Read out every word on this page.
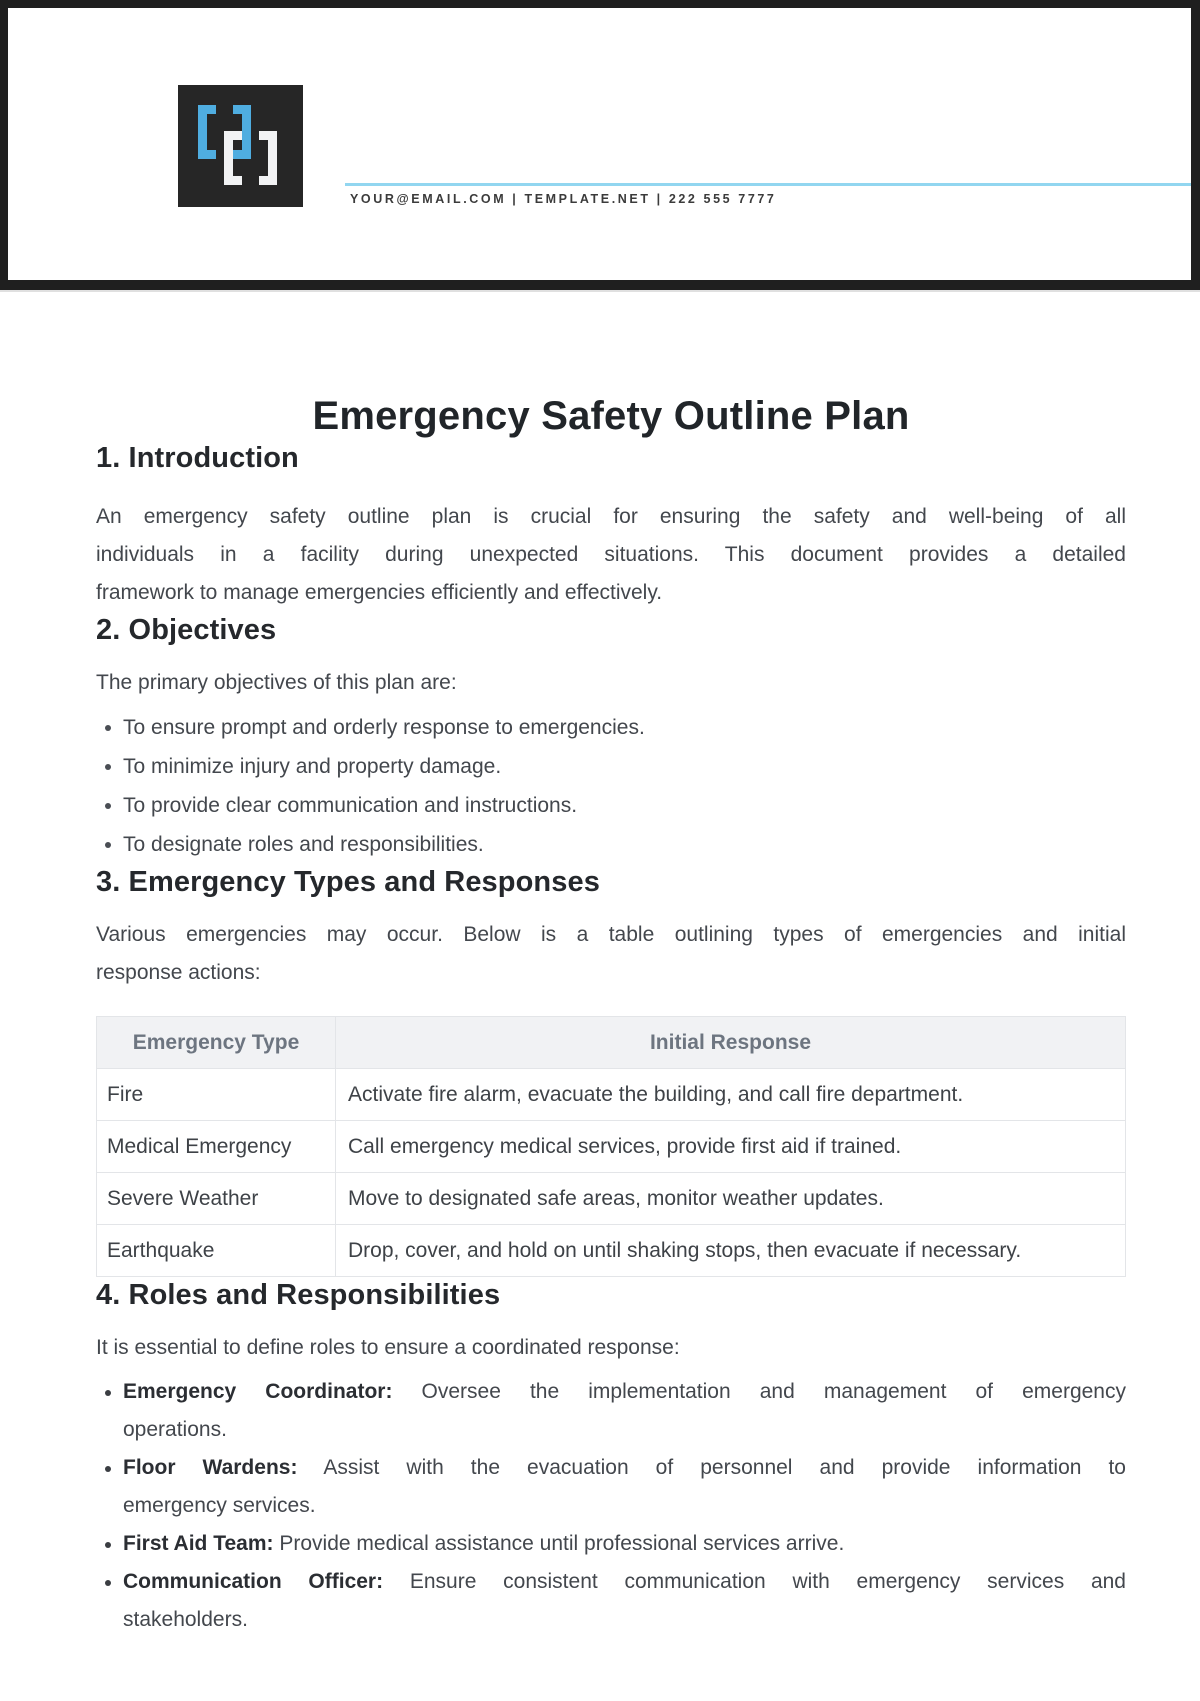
YOUR@EMAIL.COM | TEMPLATE.NET | 222 555 7777
Emergency Safety Outline Plan
1. Introduction

An emergency safety outline plan is crucial for ensuring the safety and well-being of all
individuals in a facility during unexpected situations. This document provides a detailed
framework to manage emergencies efficiently and effectively.

2. Objectives

The primary objectives of this plan are:

To ensure prompt and orderly response to emergencies.
To minimize injury and property damage.
To provide clear communication and instructions.
To designate roles and responsibilities.
3. Emergency Types and Responses

Various emergencies may occur. Below is a table outlining types of emergencies and initial
response actions:

Emergency Type	Initial Response
Fire	Activate fire alarm, evacuate the building, and call fire department.
Medical Emergency	Call emergency medical services, provide first aid if trained.
Severe Weather	Move to designated safe areas, monitor weather updates.
Earthquake	Drop, cover, and hold on until shaking stops, then evacuate if necessary.
4. Roles and Responsibilities

It is essential to define roles to ensure a coordinated response:

Emergency Coordinator: Oversee the implementation and management of emergency
operations.
Floor Wardens: Assist with the evacuation of personnel and provide information to
emergency services.
First Aid Team: Provide medical assistance until professional services arrive.
Communication Officer: Ensure consistent communication with emergency services and
stakeholders.
